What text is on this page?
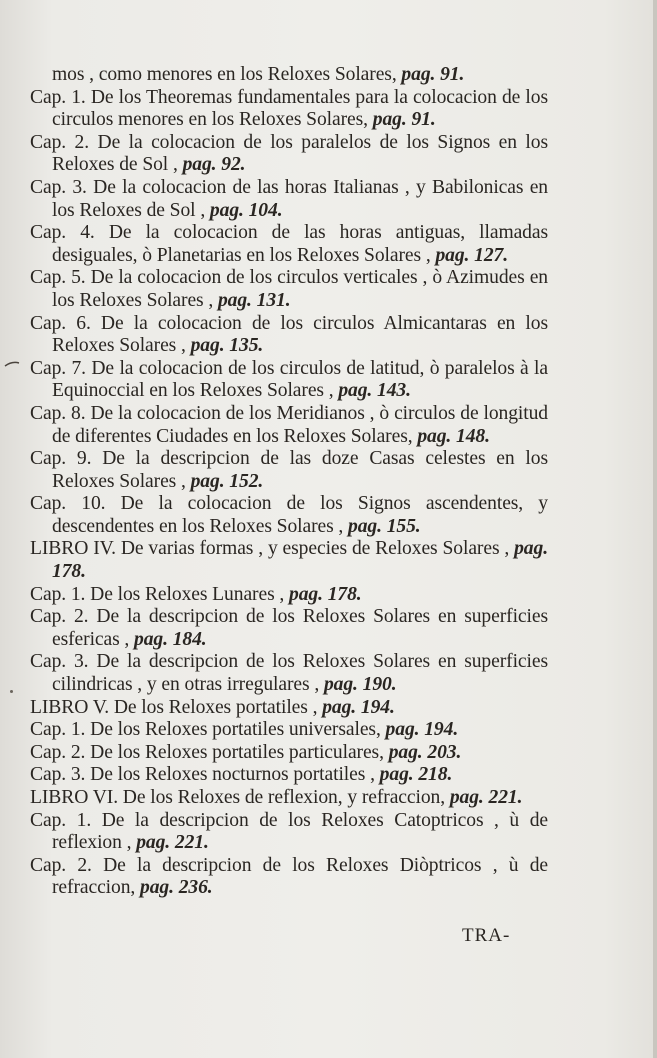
mos , como menores en los Reloxes Solares, pag. 91.

Cap. 1. De los Theoremas fundamentales para la colocacion de los circulos menores en los Reloxes Solares, pag. 91.

Cap. 2. De la colocacion de los paralelos de los Signos en los Reloxes de Sol , pag. 92.

Cap. 3. De la colocacion de las horas Italianas , y Babilonicas en los Reloxes de Sol , pag. 104.

Cap. 4. De la colocacion de las horas antiguas, llamadas desiguales, ò Planetarias en los Reloxes Solares , pag. 127.

Cap. 5. De la colocacion de los circulos verticales , ò Azimudes en los Reloxes Solares , pag. 131.

Cap. 6. De la colocacion de los circulos Almicantaras en los Reloxes Solares , pag. 135.

Cap. 7. De la colocacion de los circulos de latitud, ò paralelos à la Equinoccial en los Reloxes Solares , pag. 143.

Cap. 8. De la colocacion de los Meridianos , ò circulos de longitud de diferentes Ciudades en los Reloxes Solares, pag. 148.

Cap. 9. De la descripcion de las doze Casas celestes en los Reloxes Solares , pag. 152.

Cap. 10. De la colocacion de los Signos ascendentes, y descendentes en los Reloxes Solares , pag. 155.

LIBRO IV. De varias formas , y especies de Reloxes Solares , pag. 178.

Cap. 1. De los Reloxes Lunares , pag. 178.

Cap. 2. De la descripcion de los Reloxes Solares en superficies esfericas , pag. 184.

Cap. 3. De la descripcion de los Reloxes Solares en superficies cilindricas , y en otras irregulares , pag. 190.

LIBRO V. De los Reloxes portatiles , pag. 194.

Cap. 1. De los Reloxes portatiles universales, pag. 194.

Cap. 2. De los Reloxes portatiles particulares, pag. 203.

Cap. 3. De los Reloxes nocturnos portatiles , pag. 218.

LIBRO VI. De los Reloxes de reflexion, y refraccion, pag. 221.

Cap. 1. De la descripcion de los Reloxes Catoptricos , ù de reflexion , pag. 221.

Cap. 2. De la descripcion de los Reloxes Diòptricos , ù de refraccion, pag. 236.

TRA-
